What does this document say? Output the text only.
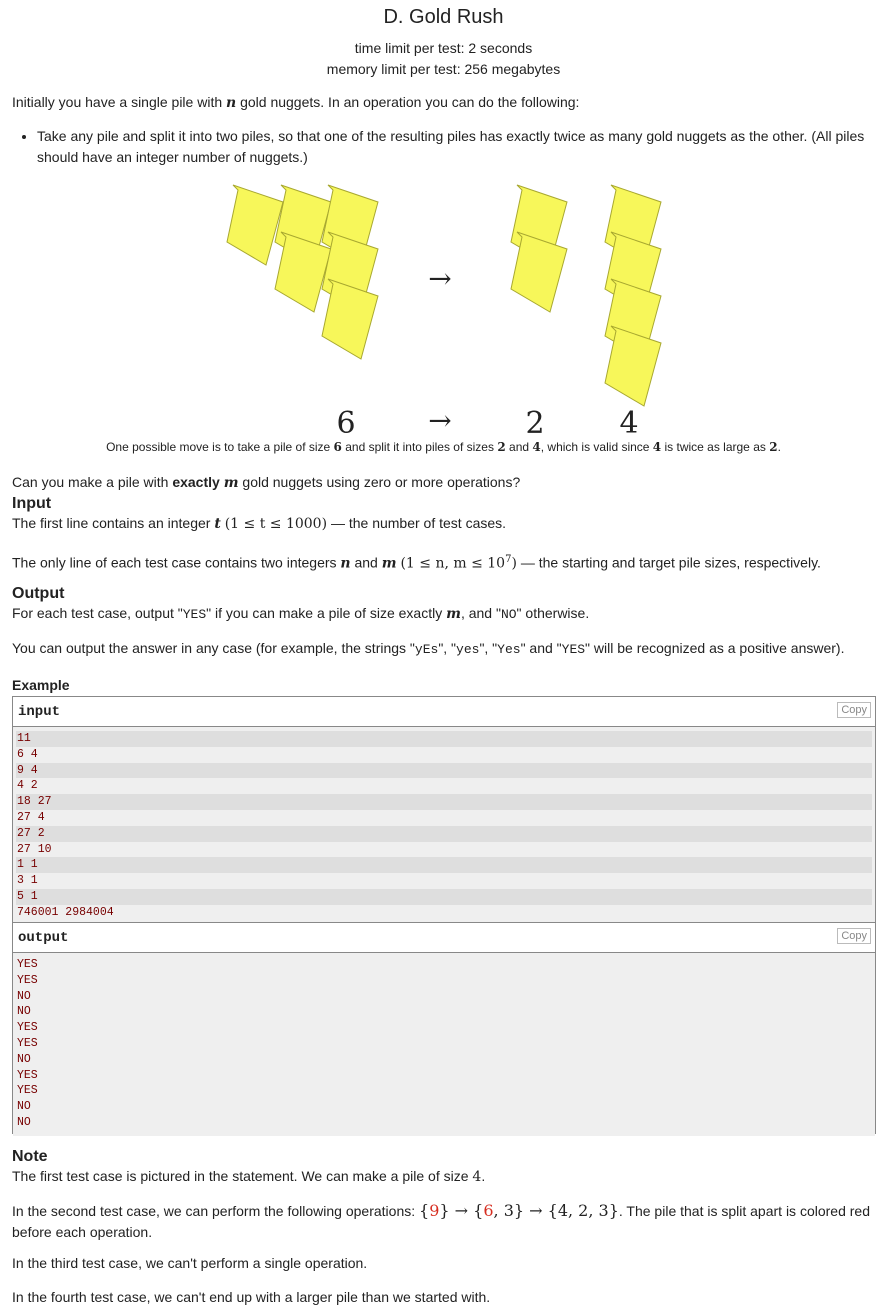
D. Gold Rush
time limit per test: 2 seconds
memory limit per test: 256 megabytes
Initially you have a single pile with n gold nuggets. In an operation you can do the following:
• Take any pile and split it into two piles, so that one of the resulting piles has exactly twice as many gold nuggets as the other. (All piles should have an integer number of nuggets.)
→
6	→ 2 4
One possible move is to take a pile of size 6 and split it into piles of sizes 2 and 4, which is valid since 4 is twice as large as 2.
Can you make a pile with exactly m gold nuggets using zero or more operations?
Input
The first line contains an integer t (1 ≤ t ≤ 1000) — the number of test cases.
The only line of each test case contains two integers n and m (1 ≤ n, $m \le 10^7$) — the starting and target pile sizes, respectively.
Output
For each test case, output "YES" if you can make a pile of size exactly m, and "NO" otherwise.
You can output the answer in any case (for example, the strings "yEs", "yes", "Yes" and "YES" will be recognized as a positive answer).
Example
input	Copy
11
6 4
9 4
4 2
18 27
27 4
27 2
27 10
1 1
3 1
5 1
746001 2984004
output	Copy
YES
YES
NO
NO
YES
YES
NO
YES
YES
NO
NO
Note
The first test case is pictured in the statement. We can make a pile of size 4.
In the second test case, we can perform the following operations: {9} → {6, 3} → {4, 2, 3}. The pile that is split apart is colored red before each operation.
In the third test case, we can't perform a single operation.
In the fourth test case, we can't end up with a larger pile than we started with.
